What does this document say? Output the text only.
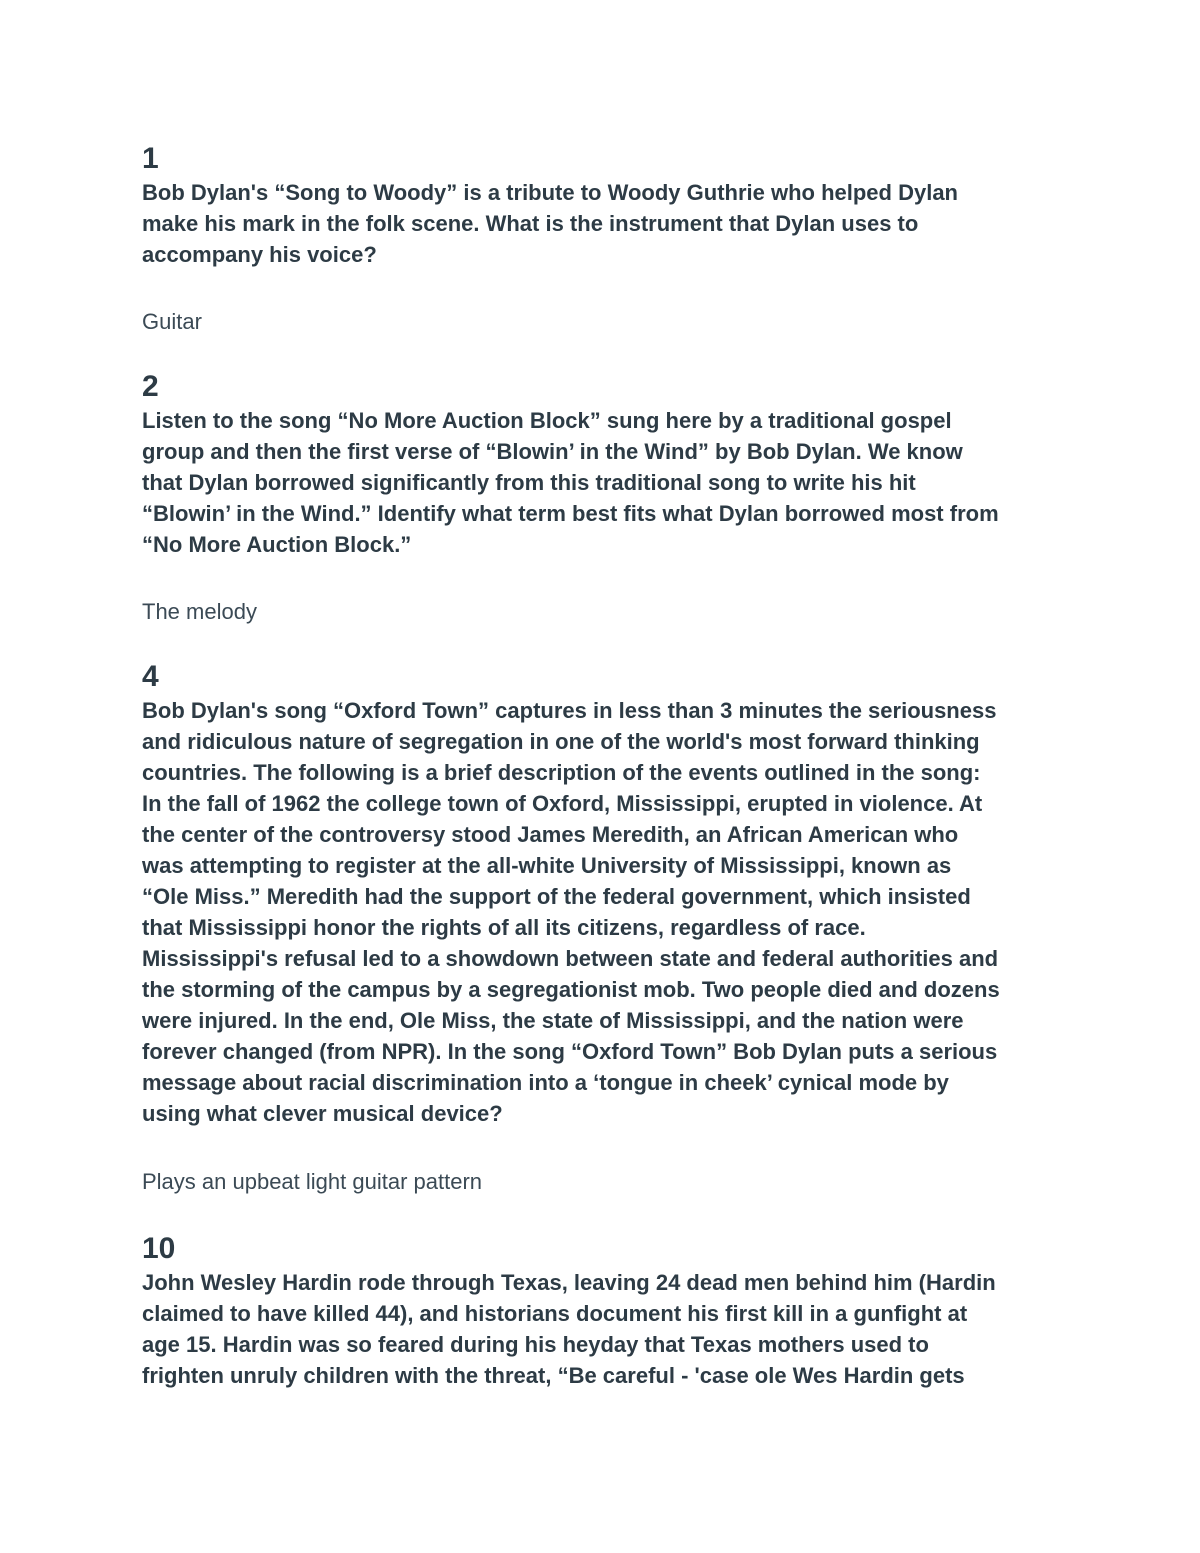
1

Bob Dylan's “Song to Woody” is a tribute to Woody Guthrie who helped Dylan
make his mark in the folk scene. What is the instrument that Dylan uses to
accompany his voice?

Guitar

2

Listen to the song “No More Auction Block” sung here by a traditional gospel
group and then the first verse of “Blowin’ in the Wind” by Bob Dylan. We know
that Dylan borrowed significantly from this traditional song to write his hit
“Blowin’ in the Wind.” Identify what term best fits what Dylan borrowed most from
“No More Auction Block.”

The melody

4

Bob Dylan's song “Oxford Town” captures in less than 3 minutes the seriousness
and ridiculous nature of segregation in one of the world's most forward thinking
countries. The following is a brief description of the events outlined in the song:
In the fall of 1962 the college town of Oxford, Mississippi, erupted in violence. At
the center of the controversy stood James Meredith, an African American who
was attempting to register at the all-white University of Mississippi, known as
“Ole Miss.” Meredith had the support of the federal government, which insisted
that Mississippi honor the rights of all its citizens, regardless of race.
Mississippi's refusal led to a showdown between state and federal authorities and
the storming of the campus by a segregationist mob. Two people died and dozens
were injured. In the end, Ole Miss, the state of Mississippi, and the nation were
forever changed (from NPR). In the song “Oxford Town” Bob Dylan puts a serious
message about racial discrimination into a ‘tongue in cheek’ cynical mode by
using what clever musical device?

Plays an upbeat light guitar pattern

10

John Wesley Hardin rode through Texas, leaving 24 dead men behind him (Hardin
claimed to have killed 44), and historians document his first kill in a gunfight at
age 15. Hardin was so feared during his heyday that Texas mothers used to
frighten unruly children with the threat, “Be careful - 'case ole Wes Hardin gets
